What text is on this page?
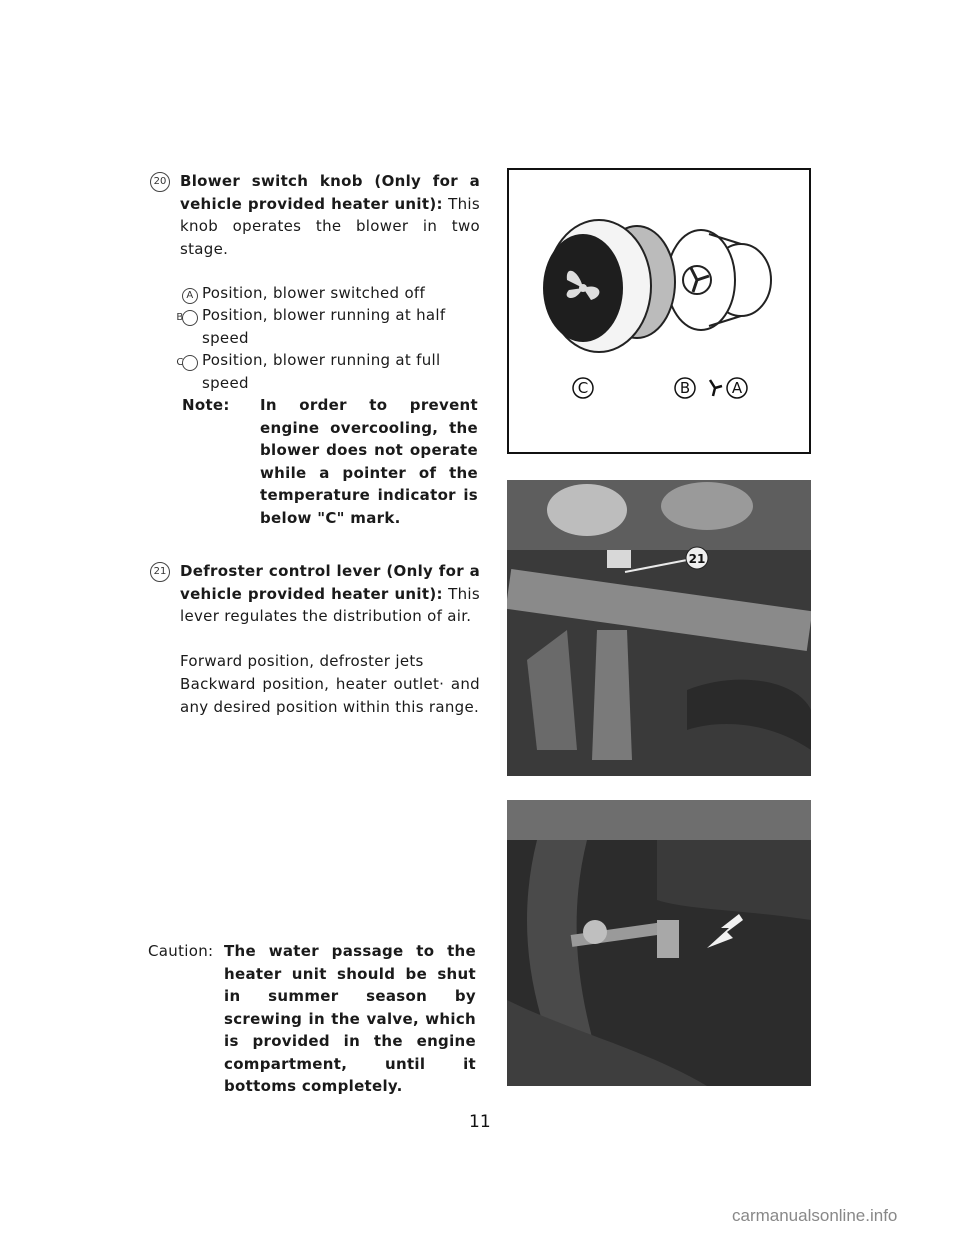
20 Blower switch knob (Only for a vehicle provided heater unit): This knob operates the blower in two stage.
A Position, blower switched off
B Position, blower running at half speed
C Position, blower running at full speed
Note: In order to prevent engine overcooling, the blower does not operate while a pointer of the temperature indicator is below "C" mark.
C	B	A
21 Defroster control lever (Only for a vehicle provided heater unit): This lever regulates the distribution of air.
Forward position, defroster jets
Backward position, heater outlet· and any desired position within this range.
21
Caution: The water passage to the heater unit should be shut in summer season by screwing in the valve, which is provided in the engine compartment, until it bottoms completely.
11
carmanualsonline.info
